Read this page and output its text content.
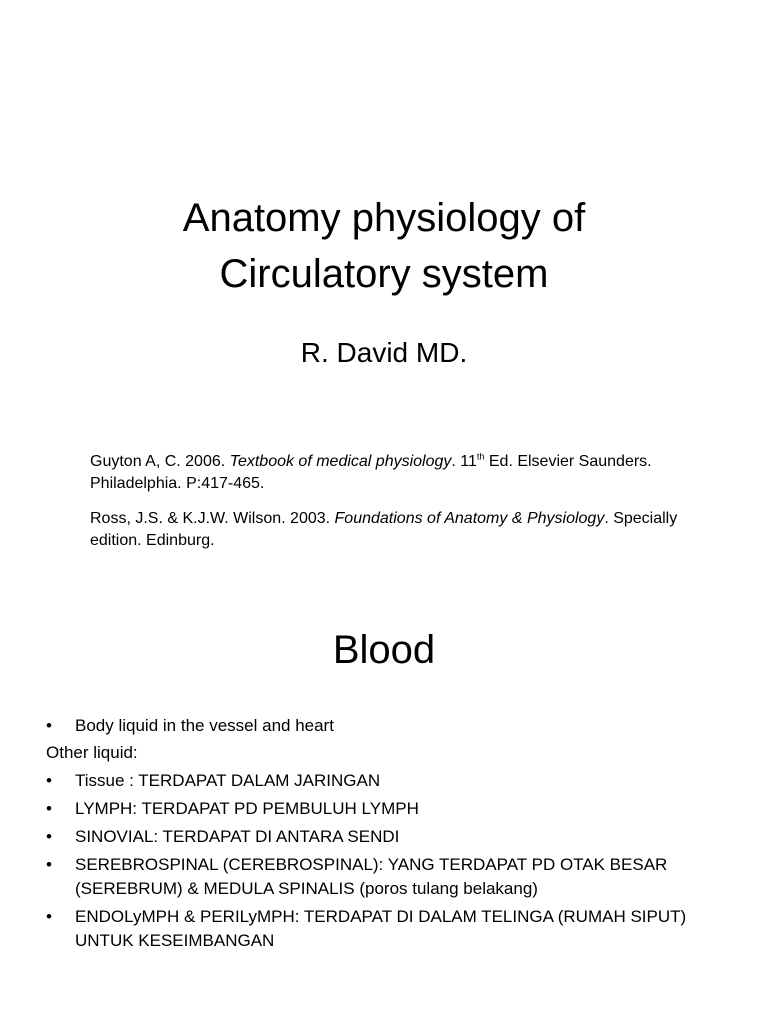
Anatomy physiology of
Circulatory system
R. David MD.

Guyton A, C. 2006. Textbook of medical physiology. 11th Ed. Elsevier Saunders. Philadelphia. P:417-465.

Ross, J.S. & K.J.W. Wilson. 2003. Foundations of Anatomy & Physiology. Specially edition. Edinburg.

Blood
• Body liquid in the vessel and heart
Other liquid:
• Tissue : TERDAPAT DALAM JARINGAN
• LYMPH: TERDAPAT PD PEMBULUH LYMPH
• SINOVIAL: TERDAPAT DI ANTARA SENDI
• SEREBROSPINAL (CEREBROSPINAL): YANG TERDAPAT PD OTAK BESAR (SEREBRUM) & MEDULA SPINALIS (poros tulang belakang)
• ENDOLyMPH & PERILyMPH: TERDAPAT DI DALAM TELINGA (RUMAH SIPUT) UNTUK KESEIMBANGAN
